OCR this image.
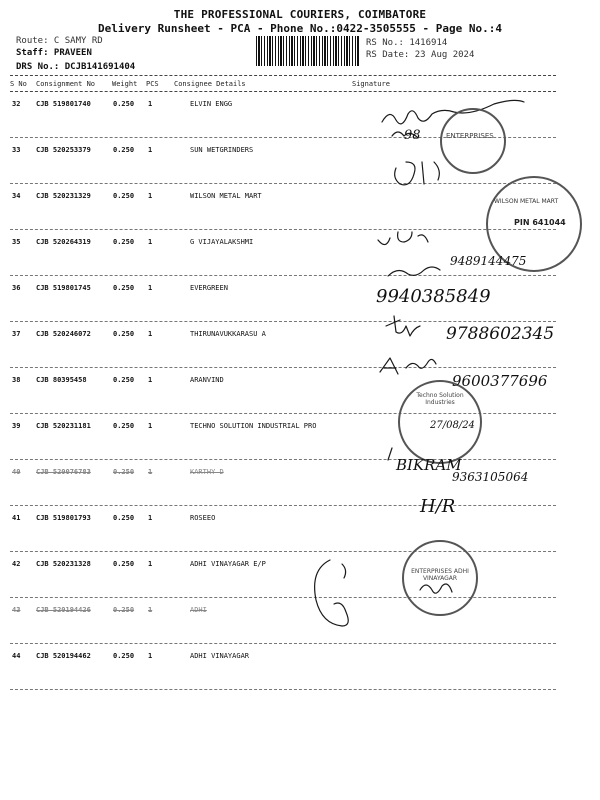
THE PROFESSIONAL COURIERS, COIMBATORE
Delivery Runsheet - PCA - Phone No.:0422-3505555 - Page No.:4
Route: C SAMY RD
Staff: PRAVEEN
DRS No.: DCJB141691404
RS No.: 1416914
RS Date: 23 Aug 2024
S No Consignment No Weight PCS Consignee Details	Signature
32 CJB 519801740	0.250 1	ELVIN ENGG
33 CJB 520253379	0.250 1	SUN WETGRINDERS
34 CJB 520231329	0.250 1	WILSON METAL MART
35 CJB 520264319	0.250 1	G VIJAYALAKSHMI
36 CJB 519801745	0.250 1	EVERGREEN
37 CJB 520246072	0.250 1	THIRUNAVUKKARASU A
38 CJB 80395458	0.250 1	ARANVIND
39 CJB 520231181	0.250 1	TECHNO SOLUTION INDUSTRIAL PRO
40 CJB 520076783	0.250 1	KARTHY D
41 CJB 519801793	0.250 1	ROSEEO
42 CJB 520231328	0.250 1	ADHI VINAYAGAR E/P
43 CJB 520194426	0.250 1	ADHI
44 CJB 520194462	0.250 1	ADHI VINAYAGAR
ENTERPRISES
WILSON METAL MART
PIN 641044
Techno Solution Industries
ENTERPRISES ADHI VINAYAGAR
98
9489144475
9940385849
9788602345
9600377696
27/08/24
BIKRAM
9363105064
H/R
